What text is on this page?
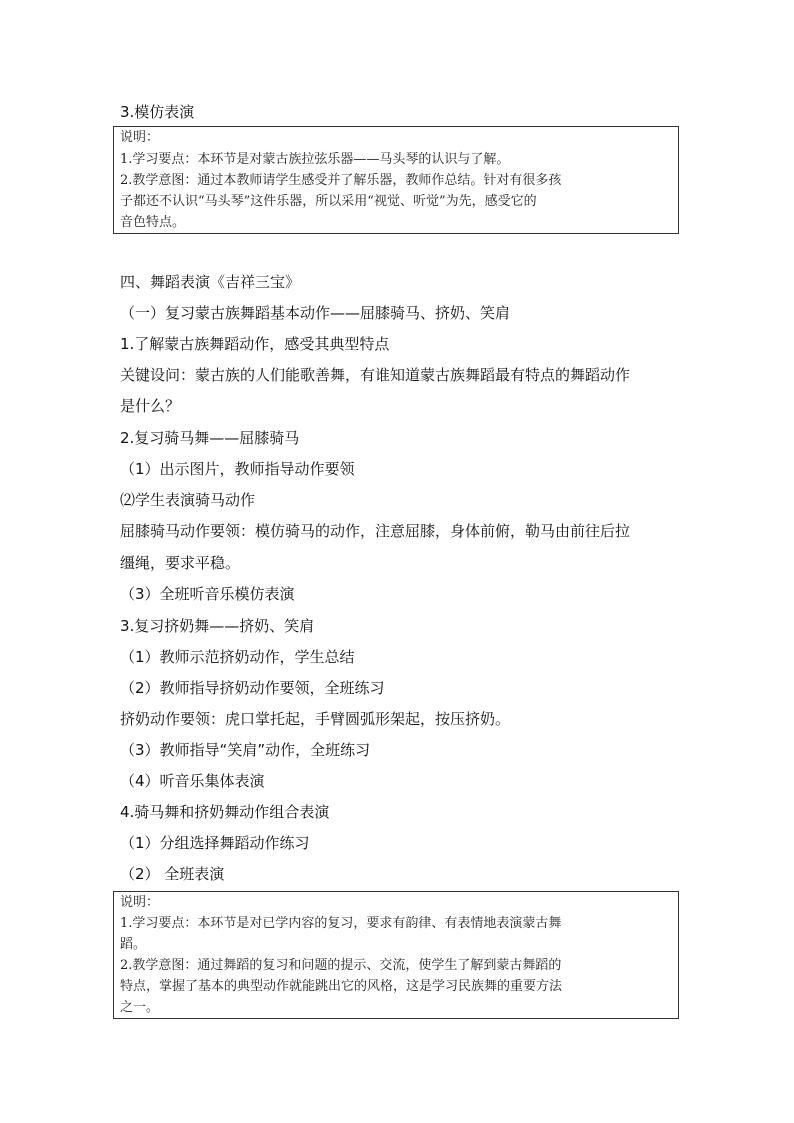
3.模仿表演
说明：
1.学习要点：本环节是对蒙古族拉弦乐器——马头琴的认识与了解。
2.教学意图：通过本教师请学生感受并了解乐器，教师作总结。针对有很多孩
子都还不认识“马头琴”这件乐器，所以采用“视觉、听觉”为先，感受它的
音色特点。
四、舞蹈表演《吉祥三宝》
（一）复习蒙古族舞蹈基本动作——屈膝骑马、挤奶、笑肩
1.了解蒙古族舞蹈动作，感受其典型特点
关键设问：蒙古族的人们能歌善舞，有谁知道蒙古族舞蹈最有特点的舞蹈动作
是什么？
2.复习骑马舞——屈膝骑马
（1）出示图片，教师指导动作要领
⑵学生表演骑马动作
屈膝骑马动作要领：模仿骑马的动作，注意屈膝，身体前俯，勒马由前往后拉
缰绳，要求平稳。
（3）全班听音乐模仿表演
3.复习挤奶舞——挤奶、笑肩
（1）教师示范挤奶动作，学生总结
（2）教师指导挤奶动作要领，全班练习
挤奶动作要领：虎口掌托起，手臂圆弧形架起，按压挤奶。
（3）教师指导“笑肩”动作，全班练习
（4）听音乐集体表演
4.骑马舞和挤奶舞动作组合表演
（1）分组选择舞蹈动作练习
（2） 全班表演
说明：
1.学习要点：本环节是对已学内容的复习，要求有韵律、有表情地表演蒙古舞
蹈。
2.教学意图：通过舞蹈的复习和问题的提示、交流，使学生了解到蒙古舞蹈的
特点，掌握了基本的典型动作就能跳出它的风格，这是学习民族舞的重要方法
之一。
